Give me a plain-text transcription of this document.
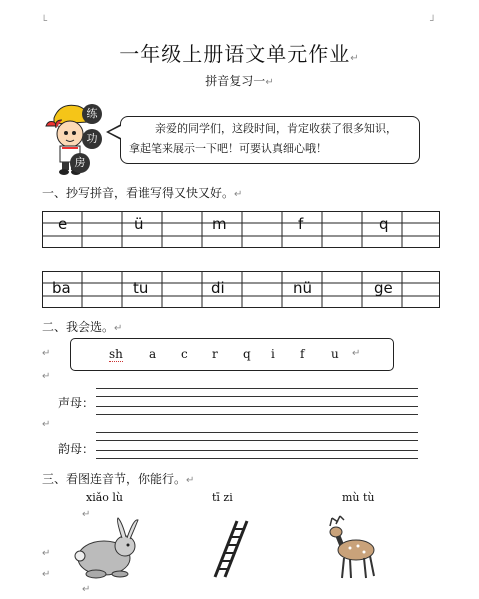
└	┘
一年级上册语文单元作业↵
拼音复习一↵
练
功
房
亲爱的同学们，这段时间，肯定收获了很多知识，
拿起笔来展示一下吧！可要认真细心哦！
一、抄写拼音，看谁写得又快又好。↵
e	ü	m	f	q
ba	tu	di	nü	ge
二、我会选。↵
↵	sh a c r q i f u ↵
↵
声母：
↵
韵母：
三、看图连音节，你能行。↵
xiǎo lù	tī zi	mù tù
↵
↵
↵
↵
